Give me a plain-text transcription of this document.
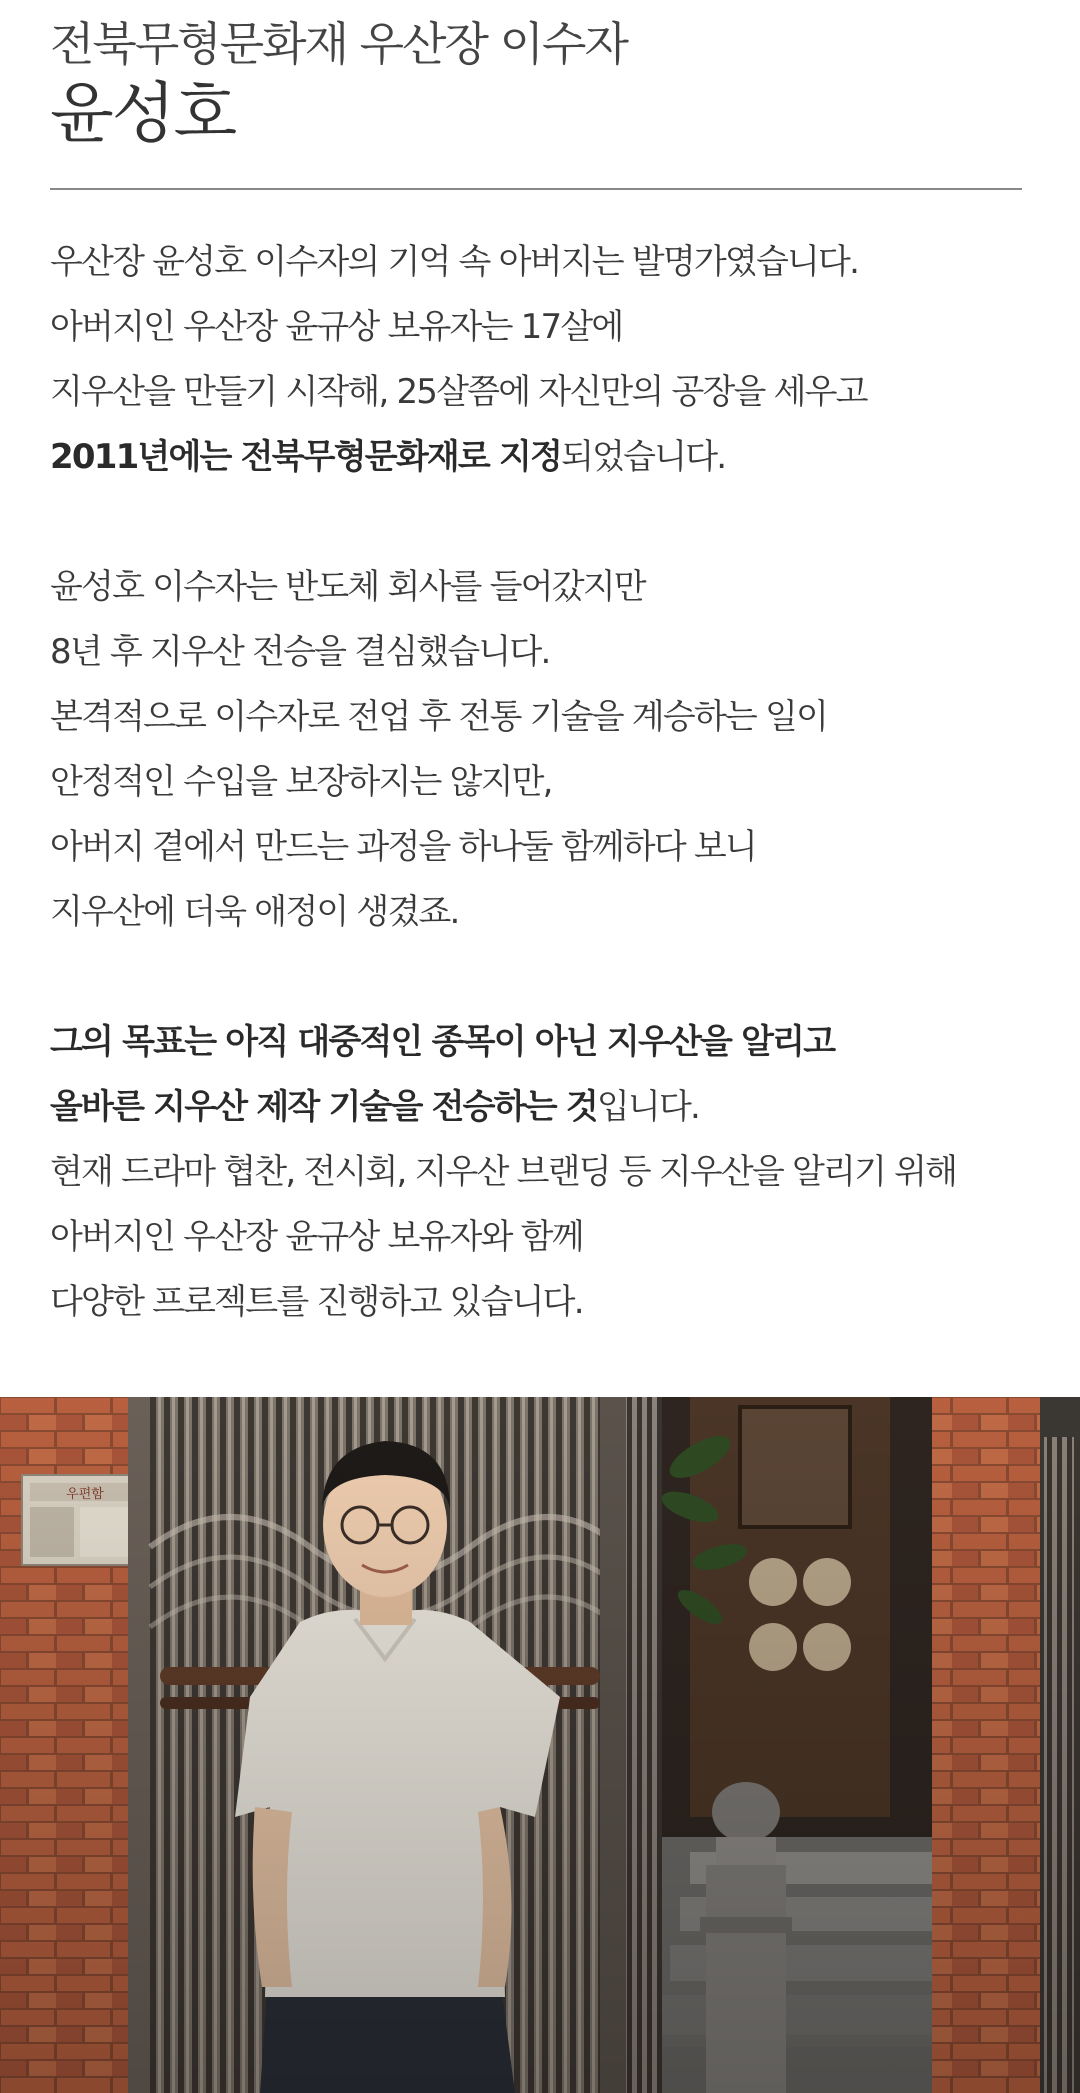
전북무형문화재 우산장 이수자
윤성호
우산장 윤성호 이수자의 기억 속 아버지는 발명가였습니다.
아버지인 우산장 윤규상 보유자는 17살에
지우산을 만들기 시작해, 25살쯤에 자신만의 공장을 세우고
2011년에는 전북무형문화재로 지정되었습니다.
윤성호 이수자는 반도체 회사를 들어갔지만
8년 후 지우산 전승을 결심했습니다.
본격적으로 이수자로 전업 후 전통 기술을 계승하는 일이
안정적인 수입을 보장하지는 않지만,
아버지 곁에서 만드는 과정을 하나둘 함께하다 보니
지우산에 더욱 애정이 생겼죠.
그의 목표는 아직 대중적인 종목이 아닌 지우산을 알리고
올바른 지우산 제작 기술을 전승하는 것입니다.
현재 드라마 협찬, 전시회, 지우산 브랜딩 등 지우산을 알리기 위해
아버지인 우산장 윤규상 보유자와 함께
다양한 프로젝트를 진행하고 있습니다.
